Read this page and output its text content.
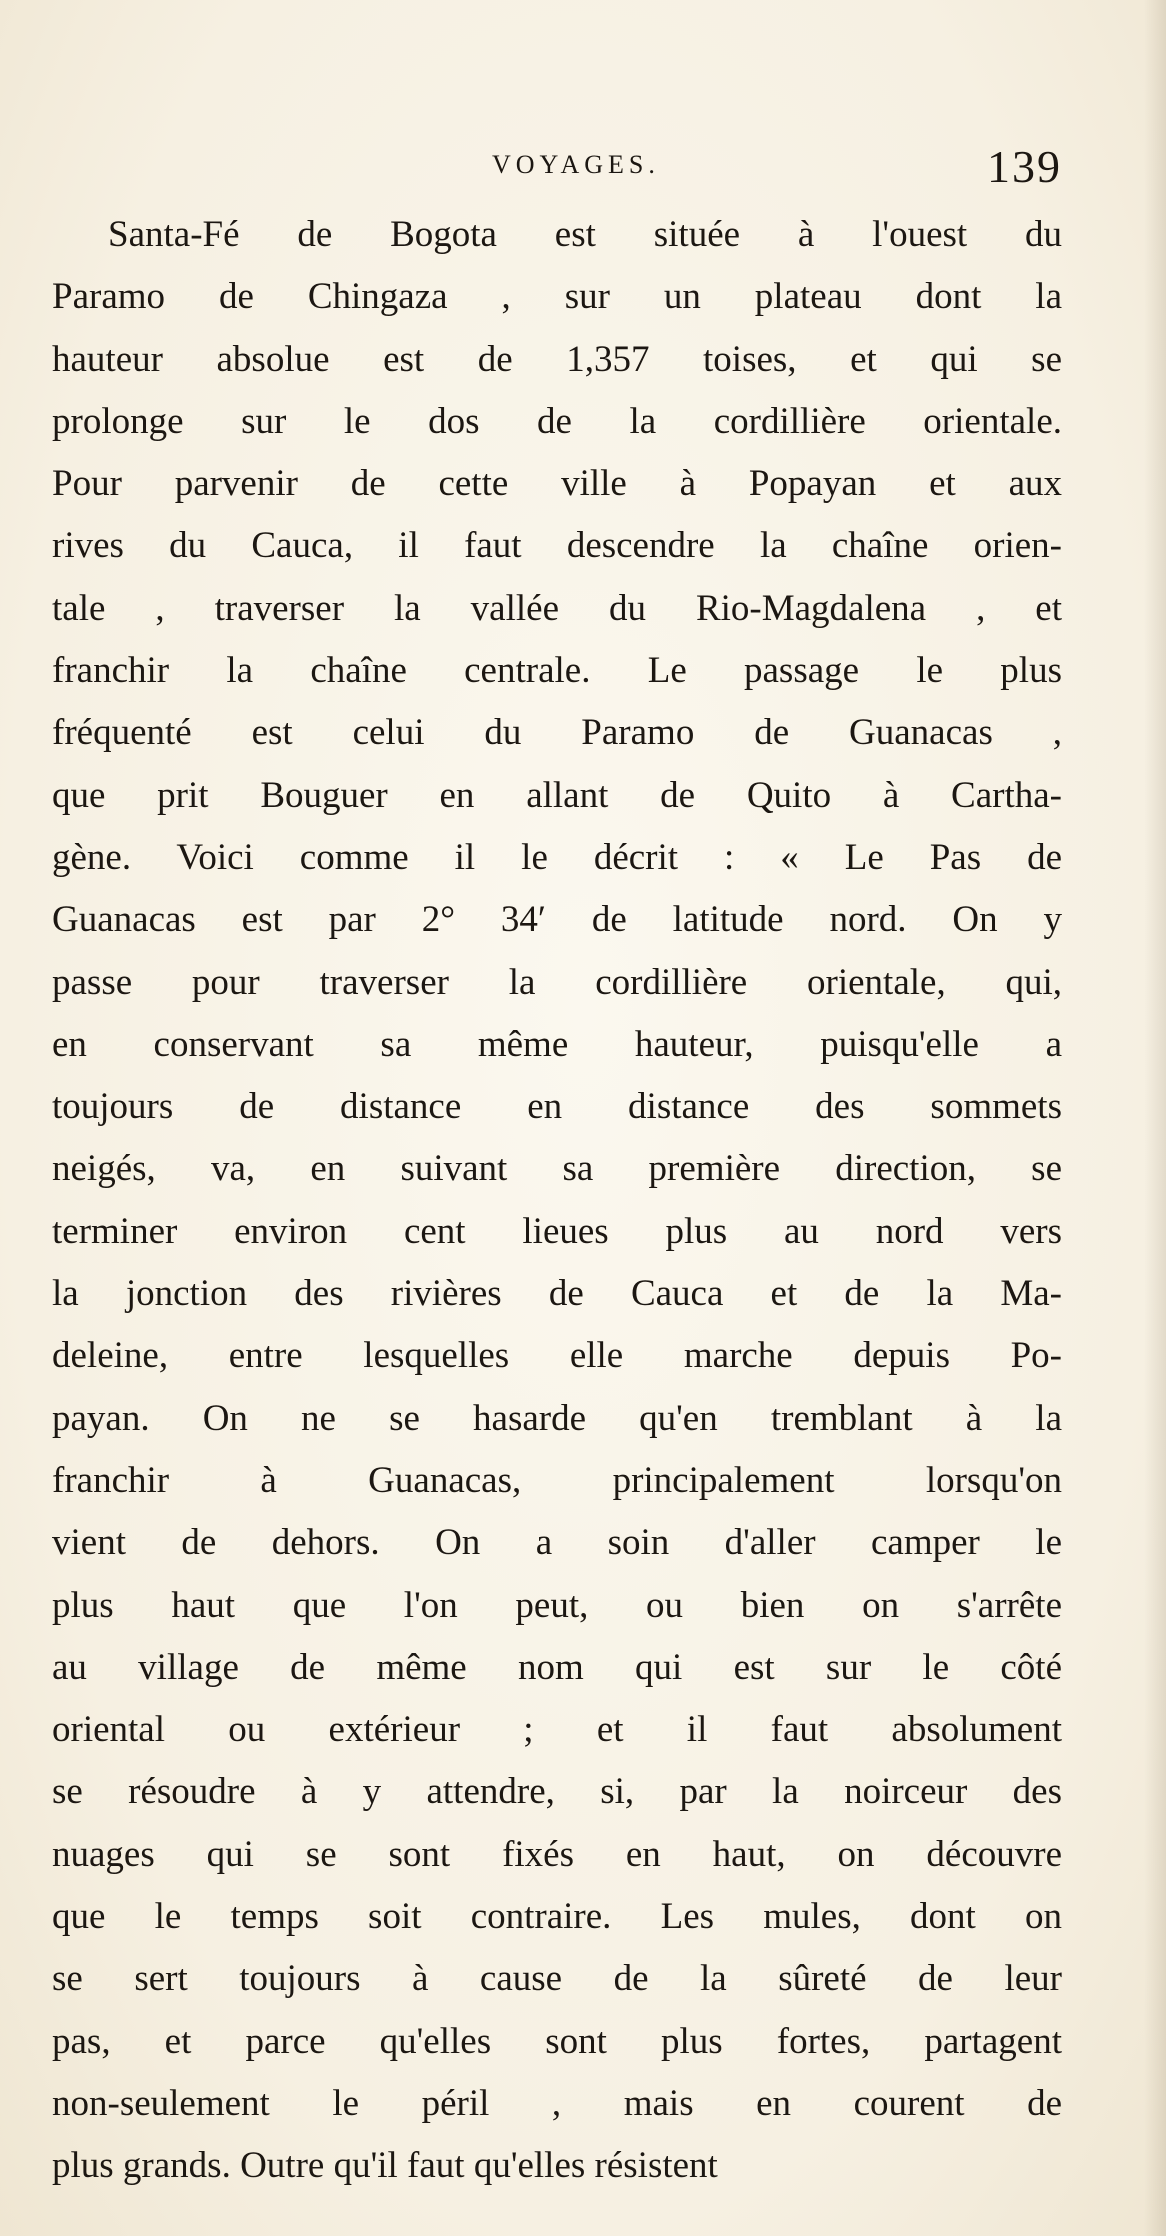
VOYAGES.	139
Santa-Fé de Bogota est située à l'ouest du
Paramo de Chingaza , sur un plateau dont la
hauteur absolue est de 1,357 toises, et qui se
prolonge sur le dos de la cordillière orientale.
Pour parvenir de cette ville à Popayan et aux
rives du Cauca, il faut descendre la chaîne orien-
tale , traverser la vallée du Rio-Magdalena , et
franchir la chaîne centrale. Le passage le plus
fréquenté est celui du Paramo de Guanacas ,
que prit Bouguer en allant de Quito à Cartha-
gène. Voici comme il le décrit : « Le Pas de
Guanacas est par 2° 34′ de latitude nord. On y
passe pour traverser la cordillière orientale, qui,
en conservant sa même hauteur, puisqu'elle a
toujours de distance en distance des sommets
neigés, va, en suivant sa première direction, se
terminer environ cent lieues plus au nord vers
la jonction des rivières de Cauca et de la Ma-
deleine, entre lesquelles elle marche depuis Po-
payan. On ne se hasarde qu'en tremblant à la
franchir à Guanacas, principalement lorsqu'on
vient de dehors. On a soin d'aller camper le
plus haut que l'on peut, ou bien on s'arrête
au village de même nom qui est sur le côté
oriental ou extérieur ; et il faut absolument
se résoudre à y attendre, si, par la noirceur des
nuages qui se sont fixés en haut, on découvre
que le temps soit contraire. Les mules, dont on
se sert toujours à cause de la sûreté de leur
pas, et parce qu'elles sont plus fortes, partagent
non-seulement le péril , mais en courent de
plus grands. Outre qu'il faut qu'elles résistent
